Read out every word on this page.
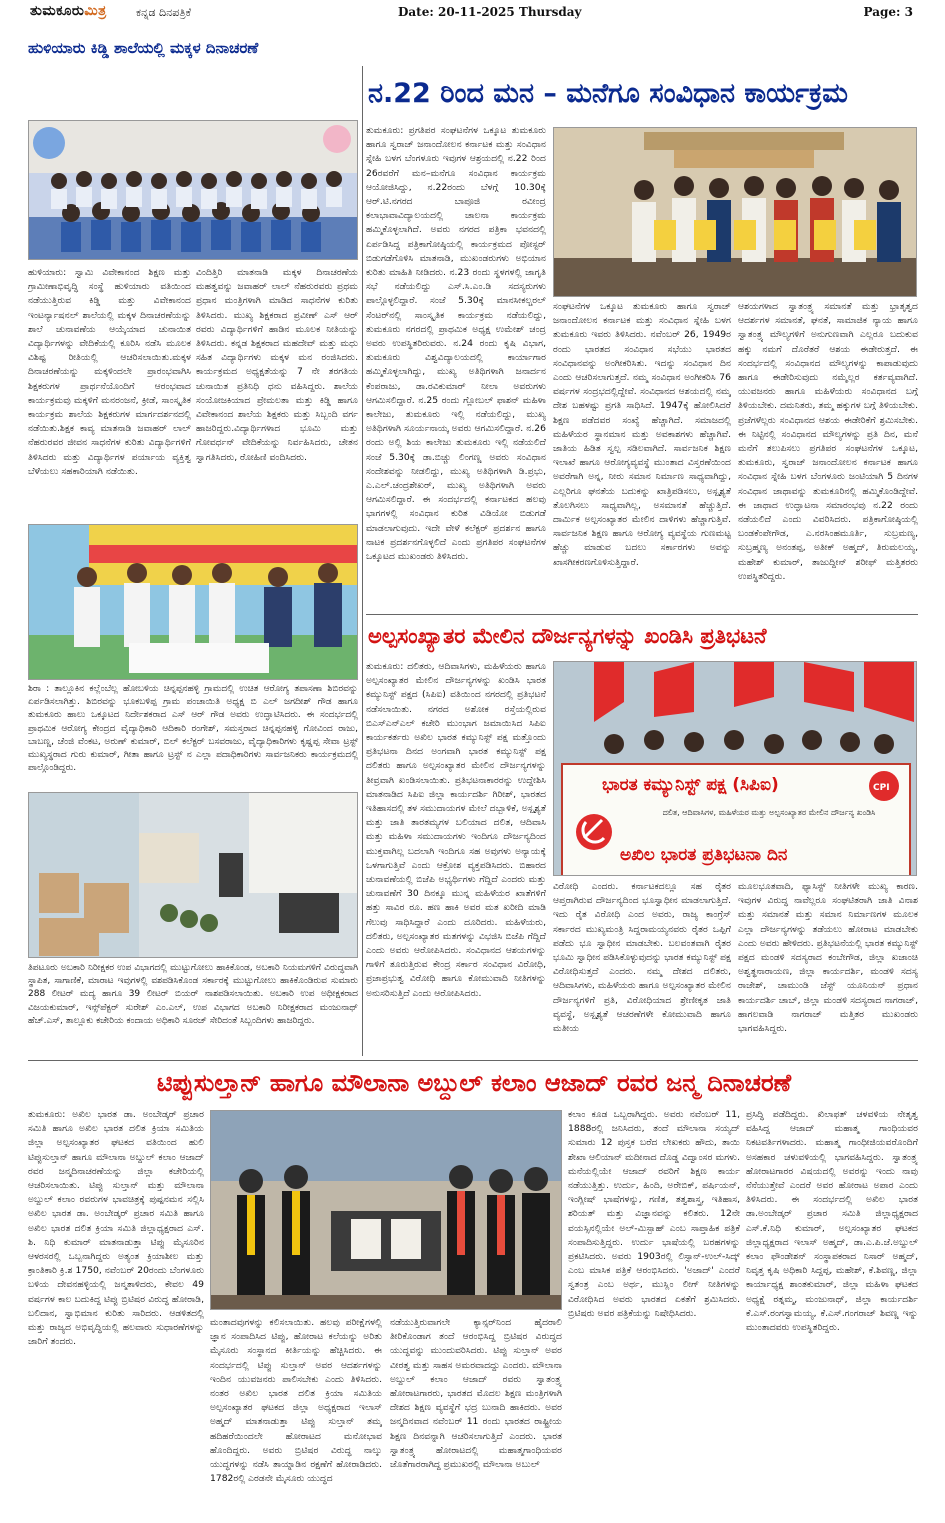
ತುಮಕೂರುಮಿತ್ರ	ಕನ್ನಡ ದಿನಪತ್ರಿಕೆ	Date: 20-11-2025 Thursday	Page: 3
ಹುಳಿಯಾರು ಕಿಡ್ಡಿ ಶಾಲೆಯಲ್ಲಿ ಮಕ್ಕಳ ದಿನಾಚರಣೆ

ಹುಳಿಯಾರು: ಸ್ವಾಮಿ ವಿವೇಕಾನಂದ ಶಿಕ್ಷಣ ಮತ್ತು ಗ್ರಾಮೀಣಾಭಿವೃದ್ಧಿ ಸಂಸ್ಥೆ ಹುಳಿಯಾರು ವತಿಯಿಂದ ನಡೆಯುತ್ತಿರುವ ಕಿಡ್ಡಿ ಮತ್ತು ವಿವೇಕಾನಂದ ಇಂಟರ್ನ್ಯಾಷನಲ್ ಶಾಲೆಯಲ್ಲಿ ಮಕ್ಕಳ ದಿನಾಚರಣೆಯನ್ನು ಶಾಲೆ ಚುನಾವಣೆಯ ಆಯ್ಕೆಯಾದ ಚುನಾಯಿತ ವಿದ್ಯಾರ್ಥಿಗಳನ್ನು ವೇದಿಕೆಯಲ್ಲಿ ಕೂರಿಸಿ ನಡೆಸಿ ಮೂಲಕ ವಿಶಿಷ್ಟ ರೀತಿಯಲ್ಲಿ ಆಚರಿಸಲಾಯಿತು.ಮಕ್ಕಳ ದಿನಾಚರಣೆಯನ್ನು ಮಕ್ಕಳಿಂದಲೇ ಪ್ರಾರಂಭವಾಗಿಸಿ ಶಿಕ್ಷಕರುಗಳ ಪ್ರಾರ್ಥನೆಯೊಂದಿಗೆ ಆರಂಭವಾದ ಕಾರ್ಯಕ್ರಮವು ಮಕ್ಕಳಿಗೆ ಮನರಂಜನೆ, ಕ್ರೀಡೆ, ಸಾಂಸ್ಕೃತಿಕ ಕಾರ್ಯಕ್ರಮ ಶಾಲೆಯ ಶಿಕ್ಷಕರುಗಳ ಮಾರ್ಗದರ್ಶನದಲ್ಲಿ ನಡೆಯಿತು.ಶಿಕ್ಷಕ ಕಾವ್ಯ ಮಾತನಾಡಿ ಜವಾಹರ್ ಲಾಲ್ ನೆಹರುರವರ ಜೀವನ ಸಾಧನೆಗಳ ಕುರಿತು ವಿದ್ಯಾರ್ಥಿಗಳಿಗೆ ತಿಳಿಸಿದರು ಮತ್ತು ವಿದ್ಯಾರ್ಥಿಗಳ ಪರ್ಯಾಯ ವ್ಯಕ್ತಿತ್ವ ಬೆಳೆಯಲು ಸಹಕಾರಿಯಾಗಿ ನಡೆಯಿತು.

ವಿಂದಿತ್ತಿರಿ ಮಾತನಾಡಿ ಮಕ್ಕಳ ದಿನಾಚರಣೆಯ ಮಹತ್ವವನ್ನು ಜವಾಹರ್ ಲಾಲ್ ನೆಹರುರವರು ಪ್ರಥಮ ಪ್ರಧಾನ ಮಂತ್ರಿಗಳಾಗಿ ಮಾಡಿದ ಸಾಧನೆಗಳ ಕುರಿತು ತಿಳಿಸಿದರು. ಮುಖ್ಯ ಶಿಕ್ಷಕರಾದ ಪ್ರವೀಣ್ ಎಸ್ ಆರ್ ರವರು ವಿದ್ಯಾರ್ಥಿಗಳಿಗೆ ಹಾಡಿನ ಮೂಲಕ ನೀತಿಯನ್ನು ತಿಳಿಸಿದರು. ಕನ್ನಡ ಶಿಕ್ಷಕರಾದ ಮಹದೇವ್ ಮತ್ತು ಮಧು ಸಹಿತ ವಿದ್ಯಾರ್ಥಿಗಳು ಮಕ್ಕಳ ಮನ ರಂಜಿಸಿದರು. ಕಾರ್ಯಕ್ರಮದ ಅಧ್ಯಕ್ಷತೆಯನ್ನು 7 ನೇ ತರಗತಿಯ ಚುನಾಯಿತ ಪ್ರತಿನಿಧಿ ಧನು ವಹಿಸಿದ್ದರು. ಶಾಲೆಯ ಸಂಯೋಜಕಿಯಾದ ಪ್ರೇಮಲತಾ ಮತ್ತು ಕಿಡ್ಡಿ ಹಾಗೂ ವಿವೇಕಾನಂದ ಶಾಲೆಯ ಶಿಕ್ಷಕರು ಮತ್ತು ಸಿಬ್ಬಂದಿ ವರ್ಗ ಹಾಜರಿದ್ದರು.ವಿದ್ಯಾರ್ಥಿಗಳಾದ ಭೂಮಿ ಮತ್ತು ಗೋವರ್ಧನ್ ವೇದಿಕೆಯನ್ನು ನಿರ್ವಹಿಸಿದರು, ಚೇತನ ಸ್ವಾಗತಿಸಿದರು, ರೋಹಿಣಿ ವಂದಿಸಿದರು.

ಶಿರಾ : ತಾಲ್ಲೂಕಿನ ಕಲ್ಲೆಂಬೆಲ್ಲ ಹೋಬಳಿಯ ಚಿನ್ನಪ್ಪನಹಳ್ಳಿ ಗ್ರಾಮದಲ್ಲಿ ಉಚಿತ ಆರೋಗ್ಯ ತಪಾಸಣಾ ಶಿಬಿರವನ್ನು ಏರ್ಪಡಿಸಲಾಗಿತ್ತು. ಶಿಬಿರವನ್ನು ಭೂಕಬಳಿಪ್ಪ ಗ್ರಾಮ ಪಂಚಾಯಿತಿ ಅಧ್ಯಕ್ಷ ಬಿ ಎಲ್ ಜಗದೀಶ್ ಗೌಡ ಹಾಗೂ ತುಮಕೂರು ಹಾಲು ಒಕ್ಕೂಟದ ನಿರ್ದೇಶಕರಾದ ಎಸ್ ಆರ್ ಗೌಡ ಅವರು ಉದ್ಘಾಟಿಸಿದರು. ಈ ಸಂದರ್ಭದಲ್ಲಿ ಪ್ರಾಥಮಿಕ ಆರೋಗ್ಯ ಕೇಂದ್ರದ ವೈದ್ಯಾಧಿಕಾರಿ ಆದಿಕಾರಿ ರಂಗೇಶ್, ಸಮಸ್ತರಾದ ಚಿನ್ನಪ್ಪನಹಳ್ಳಿ ಗೋವಿಂದ ರಾಜು, ಬಾಬಣ್ಣ, ಚೆಂಜಿ ವೆಂಕಟ, ಅರುಣ್ ಕುಮಾರ್, ಬಿಲ್ ಕಲೆಕ್ಟರ್ ಬಸವರಾಜು, ವೈದ್ಯಾಧಿಕಾರಿಗಳು ಕೃಷ್ಣಪ್ಪ ಸೇವಾ ಟ್ರಸ್ಟ್ ಮುಖ್ಯಸ್ಥರಾದ ಗುರು ಕುಮಾರ್, ಗೀತಾ ಹಾಗೂ ಟ್ರಸ್ಟ್ ನ ಎಲ್ಲಾ ಪದಾಧಿಕಾರಿಗಳು ಸಾರ್ವಜನಿಕರು ಕಾರ್ಯಕ್ರಮದಲ್ಲಿ ಪಾಲ್ಗೊಂಡಿದ್ದರು.
ತಿಪಟೂರು ಅಬಕಾರಿ ನಿರೀಕ್ಷಕರ ಉಪ ವಿಭಾಗದಲ್ಲಿ ಮುಟ್ಟುಗೋಲು ಹಾಕಿಕೊಂಡ, ಅಬಕಾರಿ ನಿಯಮಗಳಿಗೆ ವಿರುದ್ಧವಾಗಿ ಸ್ಥಾಪಿತ, ಸಾಗಾಣಿಕೆ, ಮಾರಾಟ ಇವುಗಳಲ್ಲಿ ವಶಪಡಿಸಿಕೊಂಡ ಸರ್ಕಾರಕ್ಕೆ ಮುಟ್ಟುಗೋಲು ಹಾಕಿಕೊಂಡಿರುವ ಸುಮಾರು 288 ಲೀಟರ್ ಮದ್ಯ ಹಾಗೂ 39 ಲೀಟರ್ ಬಿಯರ್ ನಾಶಪಡಿಸಲಾಯಿತು. ಅಬಕಾರಿ ಉಪ ಅಧೀಕ್ಷಕರಾದ ವಿಜಯಕುಮಾರ್, ಇನ್ಸ್‌ಪೆಕ್ಟರ್ ಸುರೇಶ್ ಎಂ.ಎಲ್, ಉಪ ವಿಭಾಗದ ಅಬಕಾರಿ ನಿರೀಕ್ಷಕರಾದ ಮಂಜುನಾಥ್ ಹೆಚ್.ಎಸ್, ತಾಲ್ಲೂಕು ಕಚೇರಿಯ ಕಂದಾಯ ಅಧಿಕಾರಿ ಸೂರಜ್ ಸೇರಿದಂತೆ ಸಿಬ್ಬಂದಿಗಳು ಹಾಜರಿದ್ದರು.
ನ.22 ರಿಂದ ಮನ – ಮನೆಗೂ ಸಂವಿಧಾನ ಕಾರ್ಯಕ್ರಮ

ತುಮಕೂರು: ಪ್ರಗತಿಪರ ಸಂಘಟನೆಗಳ ಒಕ್ಕೂಟ ತುಮಕೂರು ಹಾಗೂ ಸ್ವರಾಜ್ ಜನಾಂದೋಲನ ಕರ್ನಾಟಕ ಮತ್ತು ಸಂವಿಧಾನ ಸ್ನೇಹಿ ಬಳಗ ಬೆಂಗಳೂರು ಇವುಗಳ ಆಶ್ರಯದಲ್ಲಿ ನ.22 ರಿಂದ 26ರವರೆಗೆ ಮನ–ಮನೆಗೂ ಸಂವಿಧಾನ ಕಾರ್ಯಕ್ರಮ ಆಯೋಜಿಸಿದ್ದು, ನ.22ರಂದು ಬೆಳಗ್ಗೆ 10.30ಕ್ಕೆ ಆರ್.ಟಿ.ನಗರದ ಬಾಪೂಜಿ ರವೀಂದ್ರ ಕಲಾಭಾವಾವಿದ್ಯಾಲಯದಲ್ಲಿ ಚಾಲನಾ ಕಾರ್ಯಕ್ರಮ ಹಮ್ಮಿಕೊಳ್ಳಲಾಗಿದೆ. ಅವರು ನಗರದ ಪತ್ರಿಕಾ ಭವನದಲ್ಲಿ ಏರ್ಪಡಿಸಿದ್ದ ಪತ್ರಿಕಾಗೋಷ್ಠಿಯಲ್ಲಿ ಕಾರ್ಯಕ್ರಮದ ಪೋಸ್ಟರ್ ಬಿಡುಗಡೆಗೊಳಿಸಿ ಮಾತನಾಡಿ, ಮುಖಂಡರುಗಳು ಅಭಿಯಾನ ಕುರಿತು ಮಾಹಿತಿ ನೀಡಿದರು. ನ.23 ರಂದು ಸ್ಥಳಗಳಲ್ಲಿ ಜಾಗೃತಿ ಸಭೆ ನಡೆಯಲಿದ್ದು ಎಸ್.ಸಿ.ಎಂ.ಡಿ ಸದಸ್ಯರುಗಳು ಪಾಲ್ಗೊಳ್ಳಲಿದ್ದಾರೆ. ಸಂಜೆ 5.30ಕ್ಕೆ ಮಾನಸೀಕಲ್ಚರಲ್ ಸೆಂಟರ್‌ನಲ್ಲಿ ಸಾಂಸ್ಕೃತಿಕ ಕಾರ್ಯಕ್ರಮ ನಡೆಯಲಿದ್ದು, ತುಮಕೂರು ನಗರದಲ್ಲಿ ಪ್ರಾಥಮಿಕ ಅಧ್ಯಕ್ಷ ಉಮೇಶ್ ಚಂದ್ರ ಅವರು ಉಪಸ್ಥಿತರಿರುವರು. ನ.24 ರಂದು ಕೃಷಿ ವಿಭಾಗ, ತುಮಕೂರು ವಿಶ್ವವಿದ್ಯಾಲಯದಲ್ಲಿ ಕಾರ್ಯಾಗಾರ ಹಮ್ಮಿಕೊಳ್ಳಲಾಗಿದ್ದು, ಮುಖ್ಯ ಅತಿಥಿಗಳಾಗಿ ಜನಾರ್ದನ ಕೆಂಪರಾಜು, ಡಾ.ರವಿಕುಮಾರ್ ನೀಲಾ ಅವರುಗಳು ಆಗಮಿಸಲಿದ್ದಾರೆ. ನ.25 ರಂದು ಗ್ಲೋಬಲ್ ಫಾಶನ್ ಮಹಿಳಾ ಕಾಲೇಜು, ತುಮಕೂರು ಇಲ್ಲಿ ನಡೆಯಲಿದ್ದು, ಮುಖ್ಯ ಅತಿಥಿಗಳಾಗಿ ಸೂರ್ಯನಾಯ್ಕ ಅವರು ಆಗಮಿಸಲಿದ್ದಾರೆ. ನ.26 ರಂದು ಅಲ್ಲಿ ಶಿಯ ಕಾಲೇಜು ತುಮಕೂರು ಇಲ್ಲಿ ನಡೆಯಲಿದೆ ಸಂಜೆ 5.30ಕ್ಕೆ ಡಾ.ಬಿಚ್ಚು ಲಿಂಗಣ್ಣ ಅವರು ಸಂವಿಧಾನ ಸಂದೇಶವನ್ನು ನೀಡಲಿದ್ದು, ಮುಖ್ಯ ಅತಿಥಿಗಳಾಗಿ ಡಿ.ಪ್ರಭು, ಎ.ಎಲ್.ಚಂದ್ರಶೇಖರ್, ಮುಖ್ಯ ಅತಿಥಿಗಳಾಗಿ ಅವರು ಆಗಮಿಸಲಿದ್ದಾರೆ. ಈ ಸಂದರ್ಭದಲ್ಲಿ ಕರ್ನಾಟಕದ ಹಲವು ಭಾಗಗಳಲ್ಲಿ ಸಂವಿಧಾನ ಕುರಿತ ವಿಡಿಯೋ ಬಿಡುಗಡೆ ಮಾಡಲಾಗುವುದು. ಇದೇ ವೇಳೆ ಕಲೆಕ್ಟರ್ ಪ್ರದರ್ಶನ ಹಾಗೂ ನಾಟಕ ಪ್ರದರ್ಶನಗೊಳ್ಳಲಿದೆ ಎಂದು ಪ್ರಗತಿಪರ ಸಂಘಟನೆಗಳ ಒಕ್ಕೂಟದ ಮುಖಂಡರು ತಿಳಿಸಿದರು.

ಸಂಘಟನೆಗಳ ಒಕ್ಕೂಟ ತುಮಕೂರು ಹಾಗೂ ಸ್ವರಾಜ್ ಜನಾಂದೋಲನ ಕರ್ನಾಟಕ ಮತ್ತು ಸಂವಿಧಾನ ಸ್ನೇಹಿ ಬಳಗ ತುಮಕೂರು ಇವರು ತಿಳಿಸಿದರು. ನವೆಂಬರ್ 26, 1949ರ ರಂದು ಭಾರತದ ಸಂವಿಧಾನ ಸಭೆಯು ಭಾರತದ ಸಂವಿಧಾನವನ್ನು ಅಂಗೀಕರಿಸಿತು. ಇದನ್ನು ಸಂವಿಧಾನ ದಿನ ಎಂದು ಆಚರಿಸಲಾಗುತ್ತದೆ. ನಮ್ಮ ಸಂವಿಧಾನ ಅಂಗೀಕರಿಸಿ 76 ವರ್ಷಗಳ ಸಂದ್ರಭದಲ್ಲಿದ್ದೇವೆ. ಸಂವಿಧಾನದ ಆಶಯದಲ್ಲಿ ನಮ್ಮ ದೇಶ ಬಹಳಷ್ಟು ಪ್ರಗತಿ ಸಾಧಿಸಿದೆ. 1947ಕ್ಕೆ ಹೋಲಿಸಿದರೆ ಶಿಕ್ಷಣ ಪಡೆದವರ ಸಂಖ್ಯೆ ಹೆಚ್ಚಾಗಿದೆ. ಸಮಾಜದಲ್ಲಿ ಮಹಿಳೆಯರ ಸ್ಥಾನಮಾನ ಮತ್ತು ಅವಕಾಶಗಳು ಹೆಚ್ಚಾಗಿವೆ. ಜಾತಿಯ ಹಿಡಿತ ಸ್ವಲ್ಪ ಸಡಿಲವಾಗಿದೆ. ಸಾರ್ವಜನಿಕ ಶಿಕ್ಷಣ ಇಲಾಖೆ ಹಾಗೂ ಆರೋಗ್ಯವ್ಯವಸ್ಥೆ ಮುಂತಾದ ವಿಸ್ತರಣೆಯಿಂದ ಅವರೆಗಾಗಿ ಅನ್ನ, ನೀರು ಸಮಾನ ನಿರ್ಮಾಣ ಸಾಧ್ಯವಾಗಿದ್ದು, ಎಲ್ಲರಿಗೂ ಘನತೆಯ ಬದುಕನ್ನು ಖಾತ್ರಿಪಡಿಸಲು, ಅಸ್ಪೃಶ್ಯತೆ ತೊಲಗಿಸಲು ಸಾಧ್ಯವಾಗಿಲ್ಲ, ಅಸಮಾನತೆ ಹೆಚ್ಚುತ್ತಿದೆ. ದಾರ್ಮಿಕ ಅಲ್ಪಸಂಖ್ಯಾತರ ಮೇಲಿನ ದಾಳಿಗಳು ಹೆಚ್ಚಾಗುತ್ತಿವೆ. ಸಾರ್ವಜನಿಕ ಶಿಕ್ಷಣ ಹಾಗೂ ಆರೋಗ್ಯ ವ್ಯವಸ್ಥೆಯ ಗುಣಮಟ್ಟ ಹೆಚ್ಚು ಮಾಡುವ ಬದಲು ಸರ್ಕಾರಗಳು ಅವನ್ನು ಖಾಸಗೀಕರಣಗೊಳಿಸುತ್ತಿದ್ದಾರೆ.

ಆಶಯಗಳಾದ ಸ್ವಾತಂತ್ರ್ಯ ಸಮಾನತೆ ಮತ್ತು ಭ್ರಾತೃತ್ವದ ಆದರ್ಶಗಳ ಸಮಾನತೆ, ಘನತೆ, ಸಾಮಾಜಿಕ ನ್ಯಾಯ ಹಾಗೂ ಸ್ವಾತಂತ್ರ್ಯ ಮೌಲ್ಯಗಳಿಗೆ ಅನುಗುಣವಾಗಿ ಎಲ್ಲರೂ ಬದುಕುವ ಹಕ್ಕು ನಮಗೆ ದೊರೆತರೆ ಆಶಯ ಈಡೇರುತ್ತದೆ. ಈ ಸಂದರ್ಭದಲ್ಲಿ ಸಂವಿಧಾನದ ಮೌಲ್ಯಗಳನ್ನು ಕಾಪಾಡುವುದು ಹಾಗೂ ಈಡೇರಿಸುವುದು ನಮ್ಮೆಲ್ಲರ ಕರ್ತವ್ಯವಾಗಿದೆ. ಯುವಜನರು ಹಾಗೂ ಮಹಿಳೆಯರು ಸಂವಿಧಾನದ ಬಗ್ಗೆ ತಿಳಿಯಬೇಕು. ದಮನಿತರು, ತಮ್ಮ ಹಕ್ಕುಗಳ ಬಗ್ಗೆ ತಿಳಿಯಬೇಕು. ಪ್ರಜೆಗಳೆಲ್ಲರು ಸಂವಿಧಾನದ ಆಶಯ ಈಡೇರಿಕೆಗೆ ಶ್ರಮಿಸಬೇಕು. ಈ ನಿಟ್ಟಿನಲ್ಲಿ ಸಂವಿಧಾನದ ಮೌಲ್ಯಗಳನ್ನು ಪ್ರತಿ ದಿನ, ಮನೆ ಮನೆಗೆ ತಲುಪಿಸಲು ಪ್ರಗತಿಪರ ಸಂಘಟನೆಗಳ ಒಕ್ಕೂಟ, ತುಮಕೂರು, ಸ್ವರಾಜ್ ಜನಾಂದೋಲನ ಕರ್ನಾಟಕ ಹಾಗೂ ಸಂವಿಧಾನ ಸ್ನೇಹಿ ಬಳಗ ಬೆಂಗಳೂರು ಜಂಟಿಯಾಗಿ 5 ದಿನಗಳ ಸಂವಿಧಾನ ಜಾಥಾವನ್ನು ತುಮಕೂರಿನಲ್ಲಿ ಹಮ್ಮಿಕೊಂಡಿದ್ದೇವೆ. ಈ ಜಾಥಾದ ಉದ್ಘಾಟನಾ ಸಮಾರಂಭವು ನ.22 ರಂದು ನಡೆಯಲಿದೆ ಎಂದು ವಿವರಿಸಿದರು. ಪತ್ರಿಕಾಗೋಷ್ಠಿಯಲ್ಲಿ ಬಂಡಕೆಂಪೇಗೌಡ, ಎ.ನರಸಿಂಹಮೂರ್ತಿ, ಸುಬ್ರಮಣ್ಯ, ಸುಬ್ರಹ್ಮಣ್ಯ ಅನಂತಪ್ಪ, ಅತೀಕ್ ಅಹ್ಮದ್, ತಿರುಮಲಯ್ಯ, ಮಹೇಶ್ ಕುಮಾರ್, ತಾಜುದ್ದೀನ್ ಶರೀಫ್ ಮತ್ತಿತರರು ಉಪಸ್ಥಿತರಿದ್ದರು.

ಅಲ್ಪಸಂಖ್ಯಾತರ ಮೇಲಿನ ದೌರ್ಜನ್ಯಗಳನ್ನು ಖಂಡಿಸಿ ಪ್ರತಿಭಟನೆ

ತುಮಕೂರು: ದಲಿತರು, ಆದಿವಾಸಿಗಳು, ಮಹಿಳೆಯರು ಹಾಗೂ ಅಲ್ಪಸಂಖ್ಯಾತರ ಮೇಲಿನ ದೌರ್ಜನ್ಯಗಳನ್ನು ಖಂಡಿಸಿ ಭಾರತ ಕಮ್ಯುನಿಸ್ಟ್ ಪಕ್ಷದ (ಸಿಪಿಐ) ವತಿಯಿಂದ ನಗರದಲ್ಲಿ ಪ್ರತಿಭಟನೆ ನಡೆಸಲಾಯಿತು. ನಗರದ ಅಶೋಕ ರಸ್ತೆಯಲ್ಲಿರುವ ಬಿಎಸ್‌ಎನ್‌ಎಲ್ ಕಚೇರಿ ಮುಂಭಾಗ ಜಮಾಯಿಸಿದ ಸಿಪಿಐ ಕಾರ್ಯಕರ್ತರು ಅಖಿಲ ಭಾರತ ಕಮ್ಯುನಿಸ್ಟ್ ಪಕ್ಷ ಮತ್ತೊಂದು ಪ್ರತಿಭಟನಾ ದಿನದ ಅಂಗವಾಗಿ ಭಾರತ ಕಮ್ಯುನಿಸ್ಟ್ ಪಕ್ಷ ದಲಿತರು ಹಾಗೂ ಅಲ್ಪಸಂಖ್ಯಾತರ ಮೇಲಿನ ದೌರ್ಜನ್ಯಗಳನ್ನು ತೀವ್ರವಾಗಿ ಖಂಡಿಸಲಾಯಿತು. ಪ್ರತಿಭಟನಾಕಾರರನ್ನು ಉದ್ದೇಶಿಸಿ ಮಾತನಾಡಿದ ಸಿಪಿಐ ಜಿಲ್ಲಾ ಕಾರ್ಯದರ್ಶಿ ಗಿರೀಶ್, ಭಾರತದ ಇತಿಹಾಸದಲ್ಲಿ ತಳ ಸಮುದಾಯಗಳ ಮೇಲೆ ದಬ್ಬಾಳಿಕೆ, ಅಸ್ಪೃಶ್ಯತೆ ಮತ್ತು ಜಾತಿ ತಾರತಮ್ಯಗಳ ಬಲಿಯಾದ ದಲಿತ, ಆದಿವಾಸಿ ಮತ್ತು ಮಹಿಳಾ ಸಮುದಾಯಗಳು ಇಂದಿಗೂ ದೌರ್ಜನ್ಯದಿಂದ ಮುಕ್ತವಾಗಿಲ್ಲ ಬದಲಾಗಿ ಇಂದಿಗೂ ಸಹ ಅವುಗಳು ಅನ್ಯಾಯಕ್ಕೆ ಒಳಗಾಗುತ್ತಿವೆ ಎಂದು ಆಕ್ರೋಶ ವ್ಯಕ್ತಪಡಿಸಿದರು. ಬಿಹಾರದ ಚುನಾವಣೆಯಲ್ಲಿ ಬಿಜೆಪಿ ಅಭ್ಯರ್ಥಿಗಳು ಗೆದ್ದಿದೆ ಎಂದರು ಮತ್ತು ಚುನಾವಣೆಗೆ 30 ದಿನಕ್ಕೂ ಮುನ್ನ ಮಹಿಳೆಯರ ಖಾತೆಗಳಿಗೆ ಹತ್ತು ಸಾವಿರ ರೂ. ಹಣ ಹಾಕಿ ಅವರ ಮತ ಖರೀದಿ ಮಾಡಿ ಗೆಲುವು ಸಾಧಿಸಿದ್ದಾರೆ ಎಂದು ದೂರಿದರು. ಮಹಿಳೆಯರು, ದಲಿತರು, ಅಲ್ಪಸಂಖ್ಯಾತರ ಮತಗಳನ್ನು ವಿಭಜಿಸಿ ಬಿಜೆಪಿ ಗೆದ್ದಿದೆ ಎಂದು ಅವರು ಆರೋಪಿಸಿದರು. ಸಂವಿಧಾನದ ಆಶಯಗಳನ್ನು ಗಾಳಿಗೆ ತೂರುತ್ತಿರುವ ಕೇಂದ್ರ ಸರ್ಕಾರ ಸಂವಿಧಾನ ವಿರೋಧಿ, ಪ್ರಜಾಪ್ರಭುತ್ವ ವಿರೋಧಿ ಹಾಗೂ ಕೋಮುವಾದಿ ನೀತಿಗಳನ್ನು ಅನುಸರಿಸುತ್ತಿದೆ ಎಂದು ಆರೋಪಿಸಿದರು.

ಭಾರತ ಕಮ್ಯುನಿಸ್ಟ್ ಪಕ್ಷ (ಸಿಪಿಐ)	CPI
ದಲಿತ, ಆದಿವಾಸಿಗಳ, ಮಹಿಳೆಯರ ಮತ್ತು ಅಲ್ಪಸಂಖ್ಯಾತರ ಮೇಲಿನ ದೌರ್ಜನ್ಯ ಖಂಡಿಸಿ
ಅಖಿಲ ಭಾರತ ಪ್ರತಿಭಟನಾ ದಿನ

ವಿರೋಧಿ ಎಂದರು. ಕರ್ನಾಟಕದಲ್ಲೂ ಸಹ ರೈತರ ಆಪ್ತರಾಗಿರುವ ದೌರ್ಜನ್ಯದಿಂದ ಭೂಸ್ವಾಧೀನ ಮಾಡಲಾಗುತ್ತಿದೆ. ಇದು ರೈತ ವಿರೋಧಿ ಎಂದ ಅವರು, ರಾಜ್ಯ ಕಾಂಗ್ರೆಸ್ ಸರ್ಕಾರದ ಮುಖ್ಯಮಂತ್ರಿ ಸಿದ್ದರಾಮಯ್ಯನವರು ರೈತರ ಒಪ್ಪಿಗೆ ಪಡೆದು ಭೂ ಸ್ವಾಧೀನ ಮಾಡಬೇಕು. ಬಲವಂತವಾಗಿ ರೈತರ ಭೂಮಿ ಸ್ವಾಧೀನ ಪಡಿಸಿಕೊಳ್ಳುವುದನ್ನು ಭಾರತ ಕಮ್ಯುನಿಸ್ಟ್ ಪಕ್ಷ ವಿರೋಧಿಸುತ್ತದೆ ಎಂದರು. ನಮ್ಮ ದೇಶದ ದಲಿತರು, ಆದಿವಾಸಿಗಳು, ಮಹಿಳೆಯರು ಹಾಗೂ ಅಲ್ಪಸಂಖ್ಯಾತರ ಮೇಲಿನ ದೌರ್ಜನ್ಯಗಳಿಗೆ ಪ್ರತಿ, ವಿರೋಧಿಯಾದ ಶ್ರೇಣೀಕೃತ ಜಾತಿ ವ್ಯವಸ್ಥೆ, ಅಸ್ಪೃಶ್ಯತೆ ಆಚರಣೆಗಳೇ ಕೋಮುವಾದಿ ಹಾಗೂ ಮತೀಯ

ಮೂಲಭೂತವಾದಿ, ಫ್ಯಾಸಿಸ್ಟ್ ನೀತಿಗಳೇ ಮುಖ್ಯ ಕಾರಣ. ಇವುಗಳ ವಿರುದ್ಧ ನಾವೆಲ್ಲರೂ ಸಂಘಟಿತರಾಗಿ ಜಾತಿ ವಿನಾಶ ಮತ್ತು ಸಮಾನತೆ ಮತ್ತು ಸಮಾನ ನಿರ್ಮಾಣಗಳ ಮೂಲಕ ಎಲ್ಲಾ ದೌರ್ಜನ್ಯಗಳನ್ನು ತಡೆಯಲು ಹೋರಾಟ ಮಾಡಬೇಕು ಎಂದು ಅವರು ಹೇಳಿದರು. ಪ್ರತಿಭಟನೆಯಲ್ಲಿ ಭಾರತ ಕಮ್ಯುನಿಸ್ಟ್ ಪಕ್ಷದ ಮಂಡಳಿ ಸದಸ್ಯರಾದ ಕಂಬೇಗೌಡ, ಜಿಲ್ಲಾ ಖಜಾಂಚಿ ಅಶ್ವತ್ಥನಾರಾಯಣ, ಜಿಲ್ಲಾ ಕಾರ್ಯದರ್ಶಿ, ಮಂಡಳಿ ಸದಸ್ಯ ರಾಜೇಶ್, ಚಾಮುಂಡಿ ಜೆಸ್ಟ್ ಯೂನಿಯನ್ ಪ್ರಧಾನ ಕಾರ್ಯದರ್ಶಿ ಚಾಬ್, ಜಿಲ್ಲಾ ಮಂಡಳಿ ಸದಸ್ಯರಾದ ನಾಗರಾಜ್, ಹಾಗಲವಾಡಿ ನಾಗರಾಜ್ ಮತ್ತಿತರ ಮುಖಂಡರು ಭಾಗವಹಿಸಿದ್ದರು.

ಟಿಪ್ಪುಸುಲ್ತಾನ್ ಹಾಗೂ ಮೌಲಾನಾ ಅಬ್ದುಲ್ ಕಲಾಂ ಆಜಾದ್ ರವರ ಜನ್ಮ ದಿನಾಚರಣೆ

ತುಮಕೂರು: ಅಖಿಲ ಭಾರತ ಡಾ. ಅಂಬೇಡ್ಕರ್ ಪ್ರಚಾರ ಸಮಿತಿ ಹಾಗೂ ಅಖಿಲ ಭಾರತ ದಲಿತ ಕ್ರಿಯಾ ಸಮಿತಿಯ ಜಿಲ್ಲಾ ಅಲ್ಪಸಂಖ್ಯಾತರ ಘಟಕದ ವತಿಯಿಂದ ಹುಲಿ ಟಿಪ್ಪುಸುಲ್ತಾನ್ ಹಾಗೂ ಮೌಲಾನಾ ಅಬ್ದುಲ್ ಕಲಾಂ ಆಜಾದ್ ರವರ ಜನ್ಮದಿನಾಚರಣೆಯನ್ನು ಜಿಲ್ಲಾ ಕಚೇರಿಯಲ್ಲಿ ಆಚರಿಸಲಾಯಿತು. ಟಿಪ್ಪು ಸುಲ್ತಾನ್ ಮತ್ತು ಮೌಲಾನಾ ಅಬ್ದುಲ್ ಕಲಾಂ ರವರುಗಳ ಭಾವಚಿತ್ರಕ್ಕೆ ಪುಷ್ಪನಮನ ಸಲ್ಲಿಸಿ ಅಖಿಲ ಭಾರತ ಡಾ. ಅಂಬೇಡ್ಕರ್ ಪ್ರಚಾರ ಸಮಿತಿ ಹಾಗೂ ಅಖಿಲ ಭಾರತ ದಲಿತ ಕ್ರಿಯಾ ಸಮಿತಿ ಜಿಲ್ಲಾಧ್ಯಕ್ಷರಾದ ಎಸ್. ಶಿ. ನಿಧಿ ಕುಮಾರ್ ಮಾತನಾಡುತ್ತಾ ಟಿಪ್ಪು ಮೈಸೂರಿನ ಆಳರಸರಲ್ಲಿ ಒಬ್ಬನಾಗಿದ್ದರು ಅತ್ಯಂತ ಕ್ರಿಯಾಶೀಲ ಮತ್ತು ಕ್ರಾಂತಿಕಾರಿ ಕ್ರಿ.ಶ 1750, ನವೆಂಬರ್ 20ರಂದು ಬೆಂಗಳೂರು ಬಳಿಯ ದೇವನಹಳ್ಳಿಯಲ್ಲಿ ಜನ್ಮತಾಳಿದರು, ಕೇವಲ 49 ವರ್ಷಗಳ ಕಾಲ ಬದುಕಿದ್ದ ಟಿಪ್ಪು ಬ್ರಿಟಿಷರ ವಿರುದ್ಧ ಹೋರಾಡಿ, ಬಲಿದಾನ, ಸ್ವಾಭಿಮಾನ ಕುರಿತು ಸಾರಿದರು. ಆಡಳಿತದಲ್ಲಿ ಮತ್ತು ರಾಜ್ಯದ ಅಭಿವೃದ್ಧಿಯಲ್ಲಿ ಹಲವಾರು ಸುಧಾರಣೆಗಳನ್ನು ಜಾರಿಗೆ ತಂದರು.

ಮಂತಾದವುಗಳನ್ನು ಕಲಿಸಲಾಯಿತು. ಹಲವು ಪರೀಕ್ಷೆಗಳಲ್ಲಿ ಜ್ಞಾನ ಸಂಪಾದಿಸಿದ ಟಿಪ್ಪು, ಹೋರಾಟ ಕಲೆಯನ್ನು ಅರಿತು ಮೈಸೂರು ಸಂಸ್ಥಾನದ ಕೀರ್ತಿಯನ್ನು ಹೆಚ್ಚಿಸಿದರು. ಈ ಸಂದರ್ಭದಲ್ಲಿ ಟಿಪ್ಪು ಸುಲ್ತಾನ್ ಅವರ ಆದರ್ಶಗಳನ್ನು ಇಂದಿನ ಯುವಜನರು ಪಾಲಿಸಬೇಕು ಎಂದು ತಿಳಿಸಿದರು. ನಂತರ ಅಖಿಲ ಭಾರತ ದಲಿತ ಕ್ರಿಯಾ ಸಮಿತಿಯ ಅಲ್ಪಸಂಖ್ಯಾತರ ಘಟಕದ ಜಿಲ್ಲಾ ಅಧ್ಯಕ್ಷರಾದ ಇಲಾಸ್ ಅಹ್ಮದ್ ಮಾತನಾಡುತ್ತಾ ಟಿಪ್ಪು ಸುಲ್ತಾನ್ ತಮ್ಮ ಹದಿಹರೆಯಿಂದಲೇ ಹೋರಾಟದ ಮನೋಭಾವ ಹೊಂದಿದ್ದರು. ಅವರು ಬ್ರಿಟಿಷರ ವಿರುದ್ಧ ನಾಲ್ಕು ಯುದ್ಧಗಳನ್ನು ನಡೆಸಿ ತಾಯ್ನಾಡಿನ ರಕ್ಷಣೆಗೆ ಹೋರಾಡಿದರು. 1782ರಲ್ಲಿ ಎರಡನೇ ಮೈಸೂರು ಯುದ್ಧದ

ನಡೆಯುತ್ತಿರುವಾಗಲೇ ಕ್ಯಾನ್ಸರ್‌ನಿಂದ ಹೈದರಾಲಿ ತೀರಿಕೊಂಡಾಗ ತಂದೆ ಆರಂಭಿಸಿದ್ದ ಬ್ರಿಟಿಷರ ವಿರುದ್ಧದ ಯುದ್ಧವನ್ನು ಮುಂದುವರಿಸಿದರು. ಟಿಪ್ಪು ಸುಲ್ತಾನ್ ಅವರ ವೀರತ್ವ ಮತ್ತು ಸಾಹಸ ಅಮರವಾದದ್ದು ಎಂದರು. ಮೌಲಾನಾ ಅಬ್ದುಲ್ ಕಲಾಂ ಆಜಾದ್ ರವರು ಸ್ವಾತಂತ್ರ್ಯ ಹೋರಾಟಗಾರರು, ಭಾರತದ ಮೊದಲ ಶಿಕ್ಷಣ ಮಂತ್ರಿಗಳಾಗಿ ದೇಶದ ಶಿಕ್ಷಣ ವ್ಯವಸ್ಥೆಗೆ ಭದ್ರ ಬುನಾದಿ ಹಾಕಿದರು. ಅವರ ಜನ್ಮದಿನವಾದ ನವೆಂಬರ್ 11 ರಂದು ಭಾರತದ ರಾಷ್ಟ್ರೀಯ ಶಿಕ್ಷಣ ದಿನವನ್ನಾಗಿ ಆಚರಿಸಲಾಗುತ್ತಿದೆ ಎಂದರು. ಭಾರತ ಸ್ವಾತಂತ್ರ್ಯ ಹೋರಾಟದಲ್ಲಿ ಮಹಾತ್ಮಗಾಂಧಿಯವರ ಜೊತೆಗಾರರಾಗಿದ್ದ ಪ್ರಮುಖರಲ್ಲಿ ಮೌಲಾನಾ ಅಬುಲ್

ಕಲಾಂ ಕೂಡ ಒಬ್ಬರಾಗಿದ್ದರು. ಅವರು ನವೆಂಬರ್ 11, 1888ರಲ್ಲಿ ಜನಿಸಿದರು, ತಂದೆ ಮೌಲಾನಾ ಸಯ್ಯದ್ ಸುಮಾರು 12 ಪುಸ್ತಕ ಬರೆದ ಲೇಖಕರು ಹೌದು, ತಾಯಿ ಶೇಖಾ ಆಲಿಯಾನ್ ಮದೀನಾದ ದೊಡ್ಡ ವಿದ್ವಾಂಸರ ಮಗಳು. ಮನೆಯಲ್ಲಿಯೇ ಆಜಾದ್ ರವರಿಗೆ ಶಿಕ್ಷಣ ಕಾರ್ಯ ನಡೆಯುತ್ತಿತ್ತು. ಉರ್ದು, ಹಿಂದಿ, ಅರೇಬಿಕ್, ಪರ್ಷಿಯನ್, ಇಂಗ್ಲೀಷ್ ಭಾಷೆಗಳನ್ನು, ಗಣಿತ, ತತ್ವಶಾಸ್ತ್ರ, ಇತಿಹಾಸ, ಶರಿಯತ್‌ ಮತ್ತು ವಿಜ್ಞಾನವನ್ನು ಕಲಿತರು. 12ನೇ ವಯಸ್ಸಿನಲ್ಲಿಯೇ ಅಲ್-ಮಿಸ್ಬಾಹ್ ಎಂಬ ಸಾಪ್ತಾಹಿಕ ಪತ್ರಿಕೆ ಸಂಪಾದಿಸುತ್ತಿದ್ದರು. ಉರ್ದು ಭಾಷೆಯಲ್ಲಿ ಬರಹಗಳನ್ನು ಪ್ರಕಟಿಸಿದರು. ಅವರು 1903ರಲ್ಲಿ ಲಿಸ್ಸಾನ್-ಉಲ್-ಸಿದ್ಕ್ ಎಂಬ ಮಾಸಿಕ ಪತ್ರಿಕೆ ಆರಂಭಿಸಿದರು. 'ಅಜಾದ್' ಎಂದರೆ ಸ್ವತಂತ್ರ ಎಂಬ ಅರ್ಥ, ಮುಸ್ಲಿಂ ಲೀಗ್ ನೀತಿಗಳನ್ನು ವಿರೋಧಿಸಿದ ಅವರು ಭಾರತದ ಏಕತೆಗೆ ಶ್ರಮಿಸಿದರು. ಬ್ರಿಟಿಷರು ಅವರ ಪತ್ರಿಕೆಯನ್ನು ನಿಷೇಧಿಸಿದರು.

ಪ್ರಸಿದ್ಧಿ ಪಡೆದಿದ್ದರು. ಖಿಲಾಫತ್ ಚಳವಳಿಯ ನೇತೃತ್ವ ವಹಿಸಿದ್ದ ಆಜಾದ್ ಮಹಾತ್ಮ ಗಾಂಧಿಯವರ ನಿಕಟವರ್ತಿಗಳಾದರು. ಮಹಾತ್ಮ ಗಾಂಧೀಜಿಯವರೊಂದಿಗೆ ಅಸಹಕಾರ ಚಳುವಳಿಯಲ್ಲಿ ಭಾಗವಹಿಸಿದ್ದರು. ಸ್ವಾತಂತ್ರ್ಯ ಹೋರಾಟಗಾರರ ವಿಷಯದಲ್ಲಿ ಅವರನ್ನು ಇಂದು ನಾವು ನೆನೆಯುತ್ತೇವೆ ಎಂದರೆ ಅವರ ಹೋರಾಟ ಅಪಾರ ಎಂದು ತಿಳಿಸಿದರು. ಈ ಸಂದರ್ಭದಲ್ಲಿ ಅಖಿಲ ಭಾರತ ಡಾ.ಅಂಬೇಡ್ಕರ್ ಪ್ರಚಾರ ಸಮಿತಿ ಜಿಲ್ಲಾಧ್ಯಕ್ಷರಾದ ಎಸ್.ಕೆ.ನಿಧಿ ಕುಮಾರ್, ಅಲ್ಪಸಂಖ್ಯಾತರ ಘಟಕದ ಜಿಲ್ಲಾಧ್ಯಕ್ಷರಾದ ಇಲಾಸ್ ಅಹ್ಮದ್, ಡಾ.ಎ.ಪಿ.ಜೆ.ಅಬ್ದುಲ್ ಕಲಾಂ ಫೌಂಡೇಶನ್ ಸಂಸ್ಥಾಪಕರಾದ ನಿಸಾರ್ ಅಹ್ಮದ್, ನಿವೃತ್ತ ಕೃಷಿ ಅಧಿಕಾರಿ ಸಿದ್ದಪ್ಪ, ಮಹೇಶ್, ಕೆ.ಶಿವಣ್ಣ, ಜಿಲ್ಲಾ ಕಾರ್ಯಾಧ್ಯಕ್ಷ ಶಾಂತಕುಮಾರ್, ಜಿಲ್ಲಾ ಮಹಿಳಾ ಘಟಕದ ಅಧ್ಯಕ್ಷೆ ರತ್ನಮ್ಮ, ಮಂಜುನಾಥ್, ಜಿಲ್ಲಾ ಕಾರ್ಯದರ್ಶಿ ಕೆ.ಎಸ್.ರಂಗಸ್ವಾಮಯ್ಯ, ಕೆ.ಎಸ್.ಗಂಗರಾಜ್ ಶಿವಣ್ಣ ಇನ್ನು ಮುಂತಾದವರು ಉಪಸ್ಥಿತರಿದ್ದರು.
